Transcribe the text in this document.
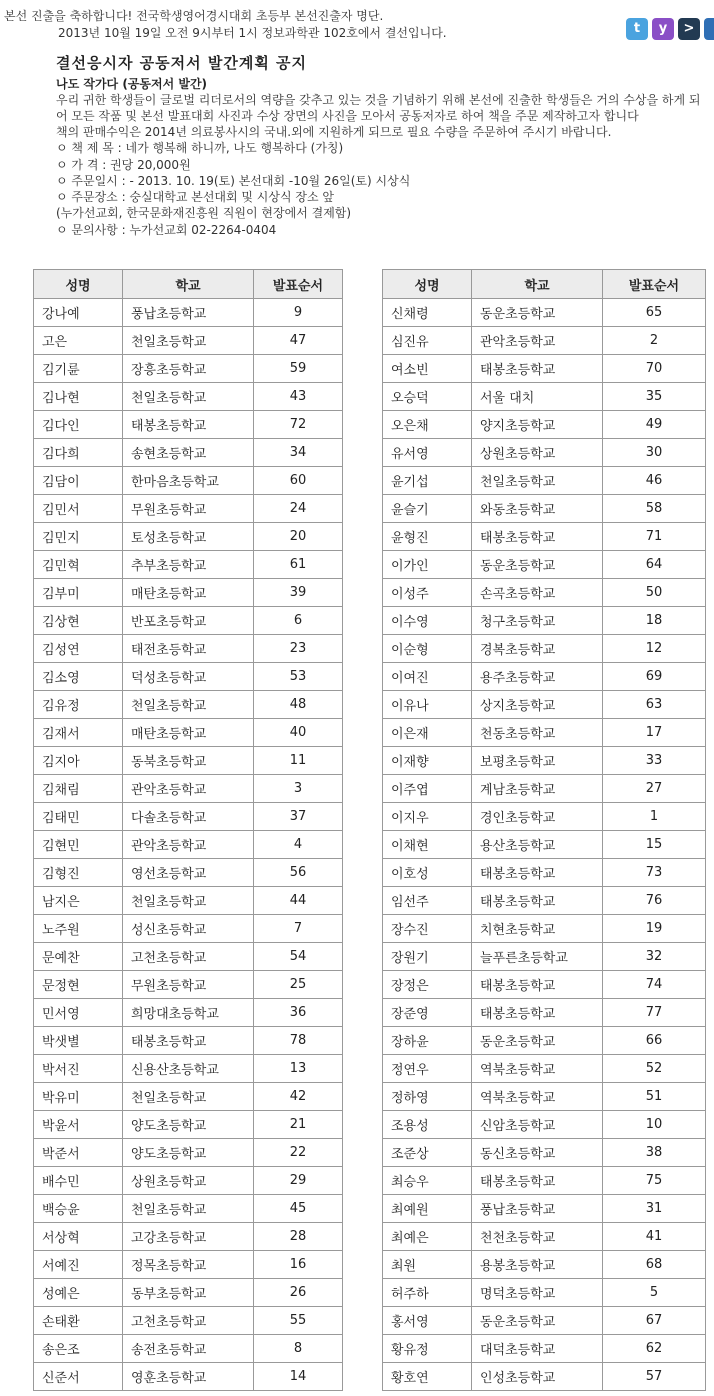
본선 진출을 축하합니다! 전국학생영어경시대회 초등부 본선진출자 명단.
2013년 10월 19일 오전 9시부터 1시 정보과학관 102호에서 결선입니다.	t	y	>
결선응시자 공동저서 발간계획 공지
나도 작가다 (공동저서 발간)

우리 귀한 학생들이 글로벌 리더로서의 역량을 갖추고 있는 것을 기념하기 위해 본선에 진출한 학생들은 거의 수상을 하게 되어 모든 작품 및 본선 발표대회 사진과 수상 장면의 사진을 모아서 공동저자로 하여 책을 주문 제작하고자 합니다

책의 판매수익은 2014년 의료봉사시의 국내.외에 지원하게 되므로 필요 수량을 주문하여 주시기 바랍니다.
ㅇ 책 제 목 : 네가 행복해 하니까, 나도 행복하다 (가칭)
ㅇ 가 격 : 권당 20,000원
ㅇ 주문일시 : - 2013. 10. 19(토) 본선대회 -10월 26일(토) 시상식
ㅇ 주문장소 : 숭실대학교 본선대회 및 시상식 장소 앞
(누가선교회, 한국문화재진흥원 직원이 현장에서 결제함)
ㅇ 문의사항 : 누가선교회 02-2264-0404
성명	학교	발표순서
강나예	풍납초등학교	9
고은	천일초등학교	47
김기륜	장흥초등학교	59
김나현	천일초등학교	43
김다인	태봉초등학교	72
김다희	송현초등학교	34
김담이	한마음초등학교	60
김민서	무원초등학교	24
김민지	토성초등학교	20
김민혁	추부초등학교	61
김부미	매탄초등학교	39
김상현	반포초등학교	6
김성연	태전초등학교	23
김소영	덕성초등학교	53
김유정	천일초등학교	48
김재서	매탄초등학교	40
김지아	동북초등학교	11
김채림	관악초등학교	3
김태민	다솔초등학교	37
김현민	관악초등학교	4
김형진	영선초등학교	56
남지은	천일초등학교	44
노주원	성신초등학교	7
문예찬	고천초등학교	54
문정현	무원초등학교	25
민서영	희망대초등학교	36
박샛별	태봉초등학교	78
박서진	신용산초등학교	13
박유미	천일초등학교	42
박윤서	양도초등학교	21
박준서	양도초등학교	22
배수민	상원초등학교	29
백승윤	천일초등학교	45
서상혁	고강초등학교	28
서예진	정목초등학교	16
성예은	동부초등학교	26
손태환	고천초등학교	55
송은조	송전초등학교	8
신준서	영훈초등학교	14
성명	학교	발표순서
신채령	동운초등학교	65
심진유	관악초등학교	2
여소빈	태봉초등학교	70
오승덕	서울 대치	35
오은채	양지초등학교	49
유서영	상원초등학교	30
윤기섭	천일초등학교	46
윤슬기	와동초등학교	58
윤형진	태봉초등학교	71
이가인	동운초등학교	64
이성주	손곡초등학교	50
이수영	청구초등학교	18
이순형	경복초등학교	12
이여진	용주초등학교	69
이유나	상지초등학교	63
이은재	천동초등학교	17
이재향	보평초등학교	33
이주엽	계남초등학교	27
이지우	경인초등학교	1
이채현	용산초등학교	15
이호성	태봉초등학교	73
임선주	태봉초등학교	76
장수진	치현초등학교	19
장원기	늘푸른초등학교	32
장정은	태봉초등학교	74
장준영	태봉초등학교	77
장하윤	동운초등학교	66
정연우	역북초등학교	52
정하영	역북초등학교	51
조용성	신암초등학교	10
조준상	동신초등학교	38
최승우	태봉초등학교	75
최예원	풍납초등학교	31
최예은	천천초등학교	41
최원	용봉초등학교	68
허주하	명덕초등학교	5
홍서영	동운초등학교	67
황유정	대덕초등학교	62
황호연	인성초등학교	57
